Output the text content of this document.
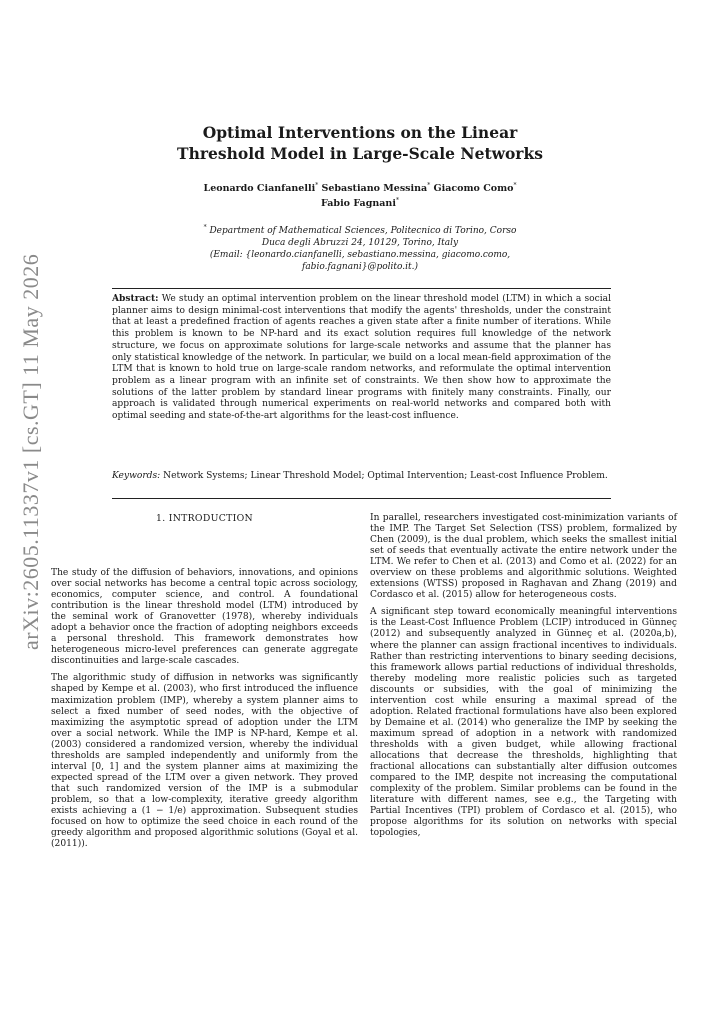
arXiv:2605.11337v1 [cs.GT] 11 May 2026
Optimal Interventions on the Linear
Threshold Model in Large-Scale Networks
Leonardo Cianfanelli* Sebastiano Messina* Giacomo Como*
Fabio Fagnani*
* Department of Mathematical Sciences, Politecnico di Torino, Corso
Duca degli Abruzzi 24, 10129, Torino, Italy
(Email: {leonardo.cianfanelli, sebastiano.messina, giacomo.como,
fabio.fagnani}@polito.it.)
Abstract: We study an optimal intervention problem on the linear threshold model (LTM) in which a social planner aims to design minimal-cost interventions that modify the agents' thresholds, under the constraint that at least a predefined fraction of agents reaches a given state after a finite number of iterations. While this problem is known to be NP-hard and its exact solution requires full knowledge of the network structure, we focus on approximate solutions for large-scale networks and assume that the planner has only statistical knowledge of the network. In particular, we build on a local mean-field approximation of the LTM that is known to hold true on large-scale random networks, and reformulate the optimal intervention problem as a linear program with an infinite set of constraints. We then show how to approximate the solutions of the latter problem by standard linear programs with finitely many constraints. Finally, our approach is validated through numerical experiments on real-world networks and compared both with optimal seeding and state-of-the-art algorithms for the least-cost influence.
Keywords: Network Systems; Linear Threshold Model; Optimal Intervention; Least-cost Influence Problem.
1. INTRODUCTION

The study of the diffusion of behaviors, innovations, and opinions over social networks has become a central topic across sociology, economics, computer science, and control. A foundational contribution is the linear threshold model (LTM) introduced by the seminal work of Granovetter (1978), whereby individuals adopt a behavior once the fraction of adopting neighbors exceeds a personal threshold. This framework demonstrates how heterogeneous micro-level preferences can generate aggregate discontinuities and large-scale cascades.

The algorithmic study of diffusion in networks was significantly shaped by Kempe et al. (2003), who first introduced the influence maximization problem (IMP), whereby a system planner aims to select a fixed number of seed nodes, with the objective of maximizing the asymptotic spread of adoption under the LTM over a social network. While the IMP is NP-hard, Kempe et al. (2003) considered a randomized version, whereby the individual thresholds are sampled independently and uniformly from the interval [0, 1] and the system planner aims at maximizing the expected spread of the LTM over a given network. They proved that such randomized version of the IMP is a submodular problem, so that a low-complexity, iterative greedy algorithm exists achieving a (1 − 1/e) approximation. Subsequent studies focused on how to optimize the seed choice in each round of the greedy algorithm and proposed algorithmic solutions (Goyal et al. (2011)).

In parallel, researchers investigated cost-minimization variants of the IMP. The Target Set Selection (TSS) problem, formalized by Chen (2009), is the dual problem, which seeks the smallest initial set of seeds that eventually activate the entire network under the LTM. We refer to Chen et al. (2013) and Como et al. (2022) for an overview on these problems and algorithmic solutions. Weighted extensions (WTSS) proposed in Raghavan and Zhang (2019) and Cordasco et al. (2015) allow for heterogeneous costs.

A significant step toward economically meaningful interventions is the Least-Cost Influence Problem (LCIP) introduced in Günneç (2012) and subsequently analyzed in Günneç et al. (2020a,b), where the planner can assign fractional incentives to individuals. Rather than restricting interventions to binary seeding decisions, this framework allows partial reductions of individual thresholds, thereby modeling more realistic policies such as targeted discounts or subsidies, with the goal of minimizing the intervention cost while ensuring a maximal spread of the adoption. Related fractional formulations have also been explored by Demaine et al. (2014) who generalize the IMP by seeking the maximum spread of adoption in a network with randomized thresholds with a given budget, while allowing fractional allocations that decrease the thresholds, highlighting that fractional allocations can substantially alter diffusion outcomes compared to the IMP, despite not increasing the computational complexity of the problem. Similar problems can be found in the literature with different names, see e.g., the Targeting with Partial Incentives (TPI) problem of Cordasco et al. (2015), who propose algorithms for its solution on networks with special topologies,
